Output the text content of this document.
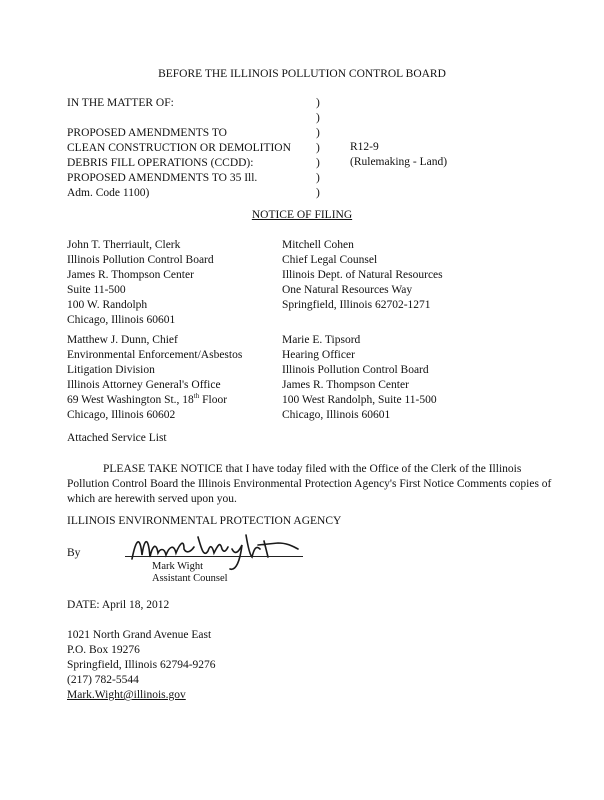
BEFORE THE ILLINOIS POLLUTION CONTROL BOARD
IN THE MATTER OF:
PROPOSED AMENDMENTS TO
CLEAN CONSTRUCTION OR DEMOLITION
DEBRIS FILL OPERATIONS (CCDD):
PROPOSED AMENDMENTS TO 35 Ill.
Adm. Code 1100)
)
)
)
)
)
)
)
R12-9
(Rulemaking - Land)
NOTICE OF FILING
John T. Therriault, Clerk
Illinois Pollution Control Board
James R. Thompson Center
Suite 11-500
100 W. Randolph
Chicago, Illinois 60601
Mitchell Cohen
Chief Legal Counsel
Illinois Dept. of Natural Resources
One Natural Resources Way
Springfield, Illinois 62702-1271
Matthew J. Dunn, Chief
Environmental Enforcement/Asbestos
Litigation Division
Illinois Attorney General's Office
69 West Washington St., 18th Floor
Chicago, Illinois 60602
Marie E. Tipsord
Hearing Officer
Illinois Pollution Control Board
James R. Thompson Center
100 West Randolph, Suite 11-500
Chicago, Illinois 60601
Attached Service List
PLEASE TAKE NOTICE that I have today filed with the Office of the Clerk of the Illinois Pollution Control Board the Illinois Environmental Protection Agency's First Notice Comments copies of which are herewith served upon you.
ILLINOIS ENVIRONMENTAL PROTECTION AGENCY
By
Mark Wight
Assistant Counsel
DATE: April 18, 2012
1021 North Grand Avenue East
P.O. Box 19276
Springfield, Illinois 62794-9276
(217) 782-5544
Mark.Wight@illinois.gov
